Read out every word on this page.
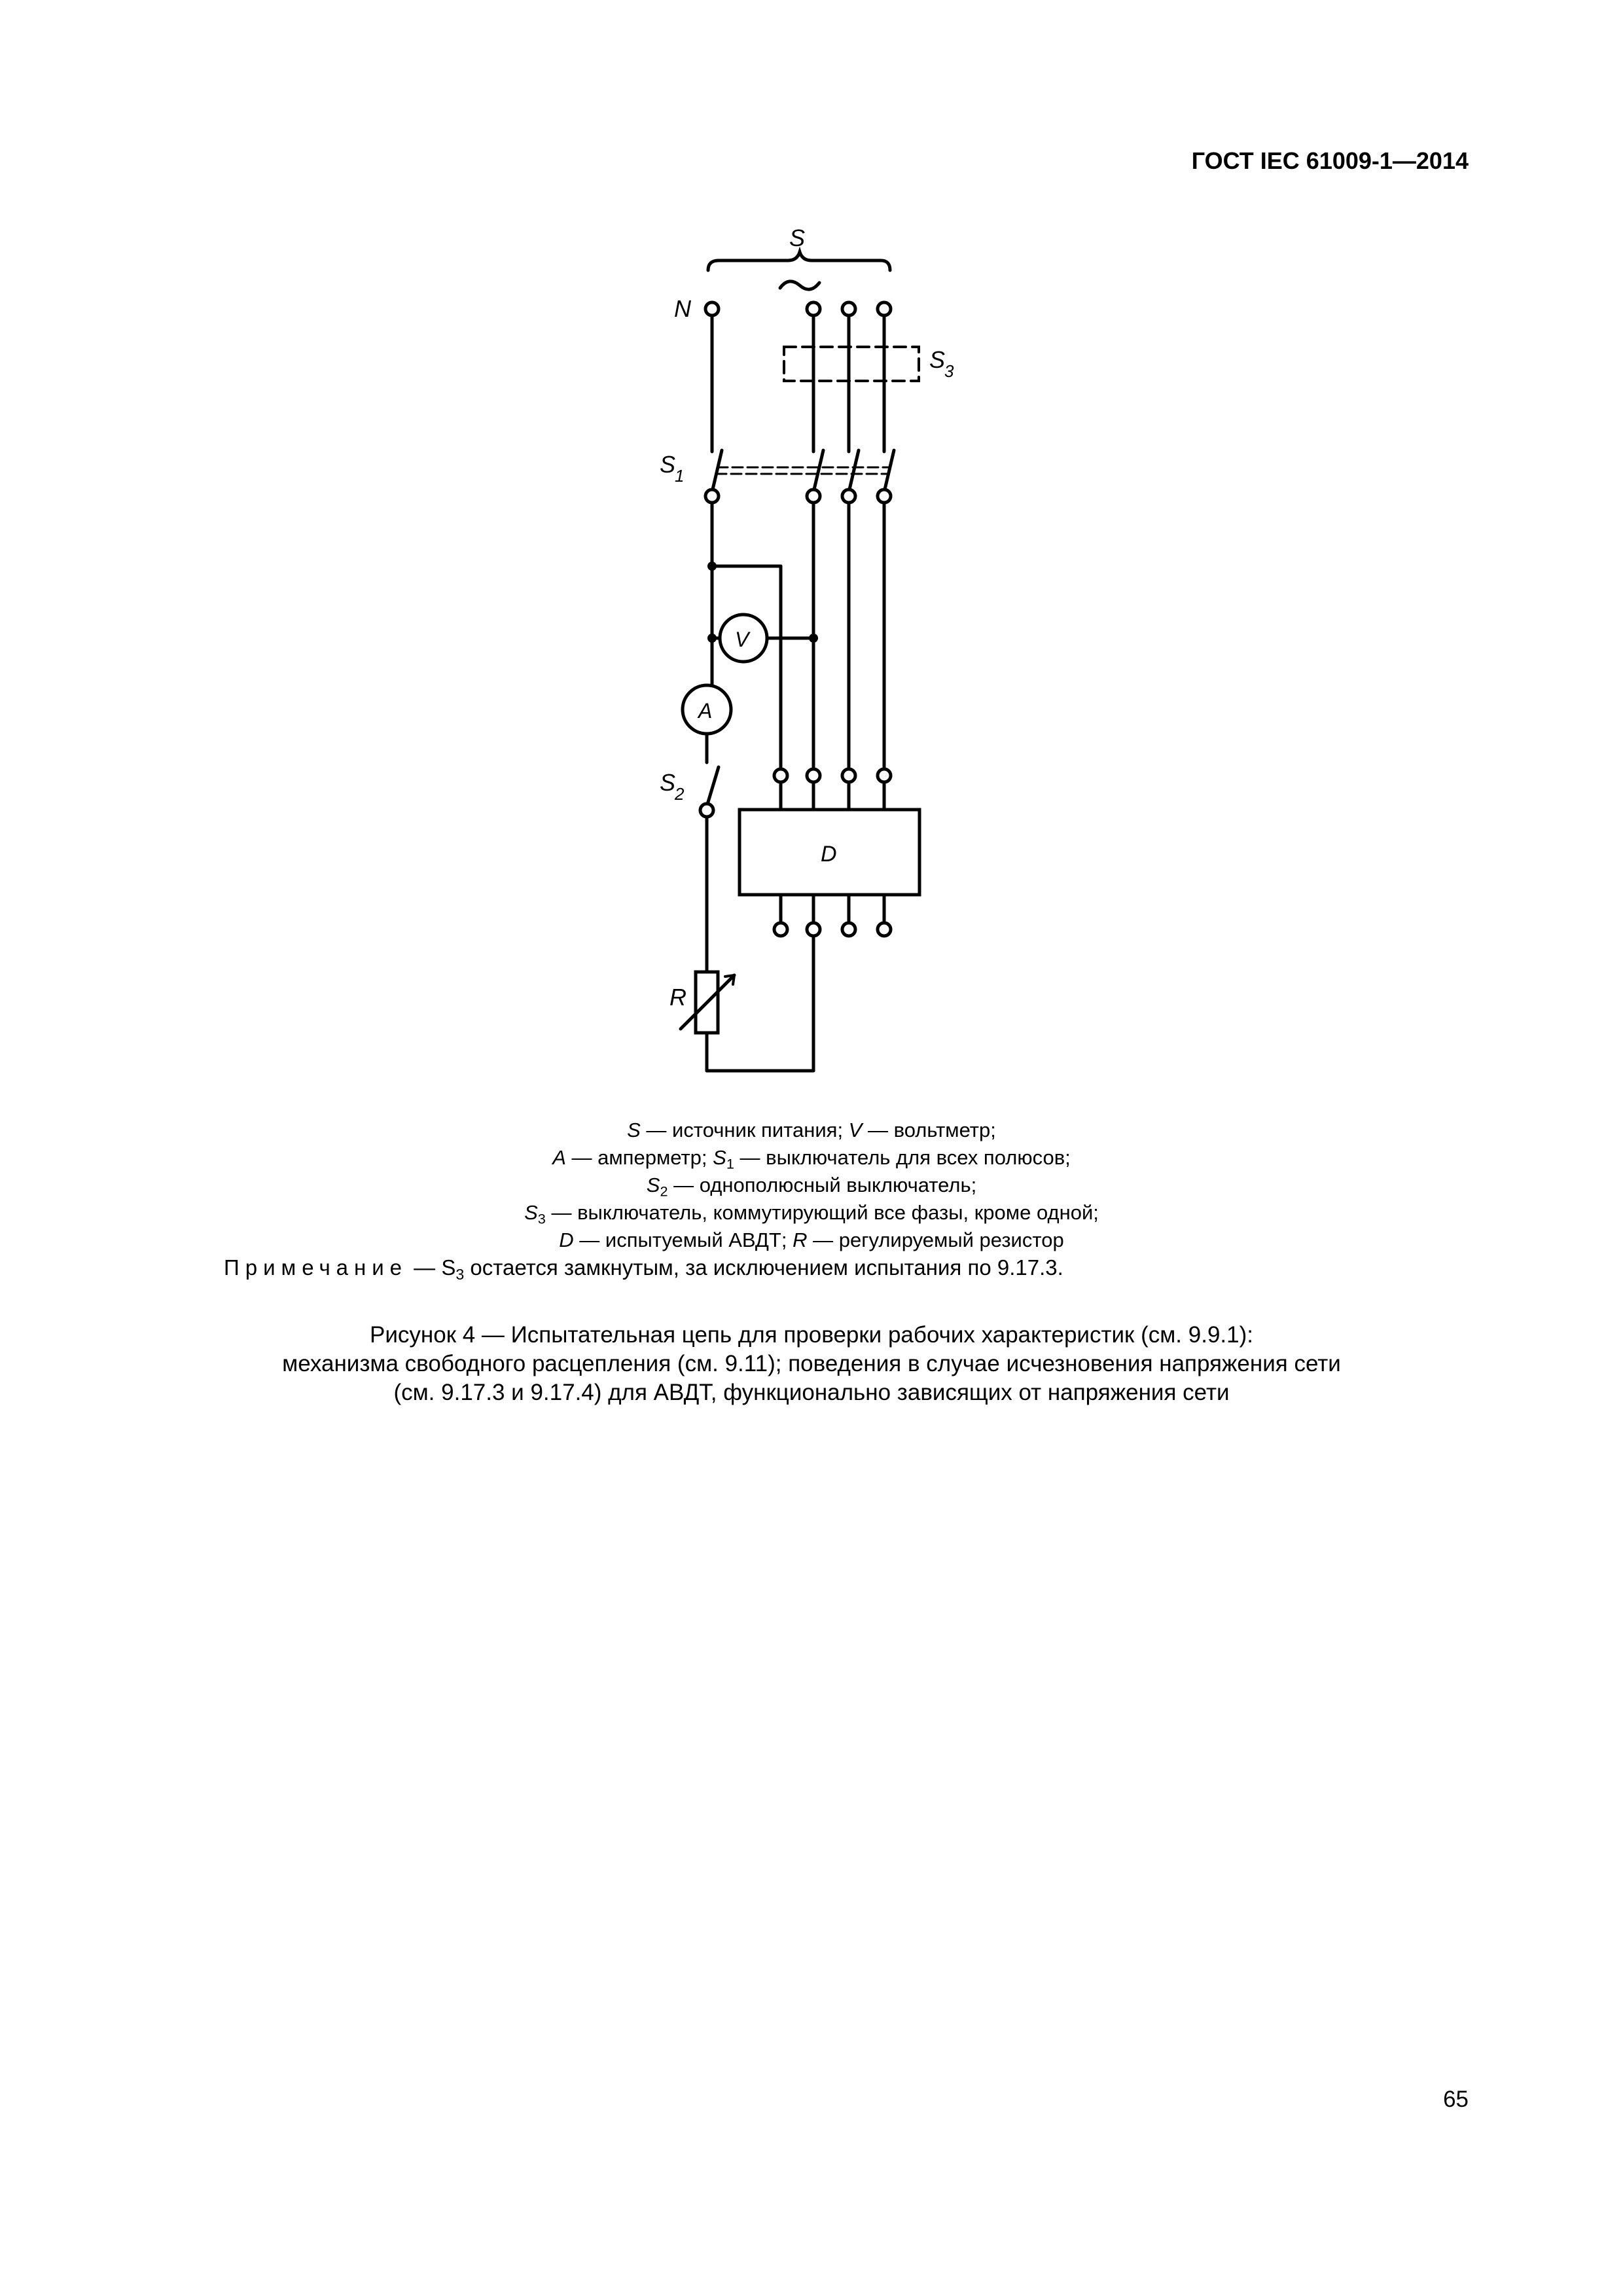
ГОСТ IEC 61009-1—2014
S
N
S
3
S
1
V
A
S
2
D
R
S — источник питания; V — вольтметр;
A — амперметр; $S_1$ — выключатель для всех полюсов;
$S_2$ — однополюсный выключатель;
$S_3$ — выключатель, коммутирующий все фазы, кроме одной;
D — испытуемый АВДТ; R — регулируемый резистор
Примечание — $S_3$ остается замкнутым, за исключением испытания по 9.17.3.
Рисунок 4 — Испытательная цепь для проверки рабочих характеристик (см. 9.9.1):
механизма свободного расцепления (см. 9.11); поведения в случае исчезновения напряжения сети
(см. 9.17.3 и 9.17.4) для АВДТ, функционально зависящих от напряжения сети
65
